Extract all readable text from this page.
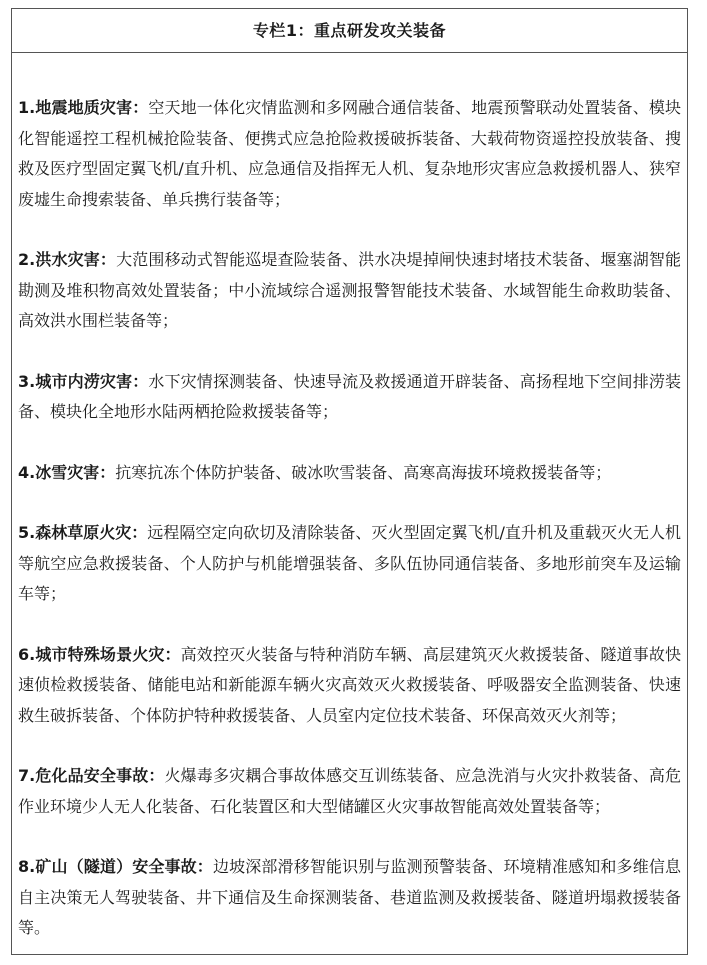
专栏1：重点研发攻关装备

1.地震地质灾害：空天地一体化灾情监测和多网融合通信装备、地震预警联动处置装备、模块化智能遥控工程机械抢险装备、便携式应急抢险救援破拆装备、大载荷物资遥控投放装备、搜救及医疗型固定翼飞机/直升机、应急通信及指挥无人机、复杂地形灾害应急救援机器人、狭窄废墟生命搜索装备、单兵携行装备等；

2.洪水灾害：大范围移动式智能巡堤查险装备、洪水决堤掉闸快速封堵技术装备、堰塞湖智能勘测及堆积物高效处置装备；中小流域综合遥测报警智能技术装备、水域智能生命救助装备、高效洪水围栏装备等；

3.城市内涝灾害：水下灾情探测装备、快速导流及救援通道开辟装备、高扬程地下空间排涝装备、模块化全地形水陆两栖抢险救援装备等；

4.冰雪灾害：抗寒抗冻个体防护装备、破冰吹雪装备、高寒高海拔环境救援装备等；

5.森林草原火灾：远程隔空定向砍切及清除装备、灭火型固定翼飞机/直升机及重载灭火无人机等航空应急救援装备、个人防护与机能增强装备、多队伍协同通信装备、多地形前突车及运输车等；

6.城市特殊场景火灾：高效控灭火装备与特种消防车辆、高层建筑灭火救援装备、隧道事故快速侦检救援装备、储能电站和新能源车辆火灾高效灭火救援装备、呼吸器安全监测装备、快速救生破拆装备、个体防护特种救援装备、人员室内定位技术装备、环保高效灭火剂等；

7.危化品安全事故：火爆毒多灾耦合事故体感交互训练装备、应急洗消与火灾扑救装备、高危作业环境少人无人化装备、石化装置区和大型储罐区火灾事故智能高效处置装备等；

8.矿山（隧道）安全事故：边坡深部滑移智能识别与监测预警装备、环境精准感知和多维信息自主决策无人驾驶装备、井下通信及生命探测装备、巷道监测及救援装备、隧道坍塌救援装备等。
